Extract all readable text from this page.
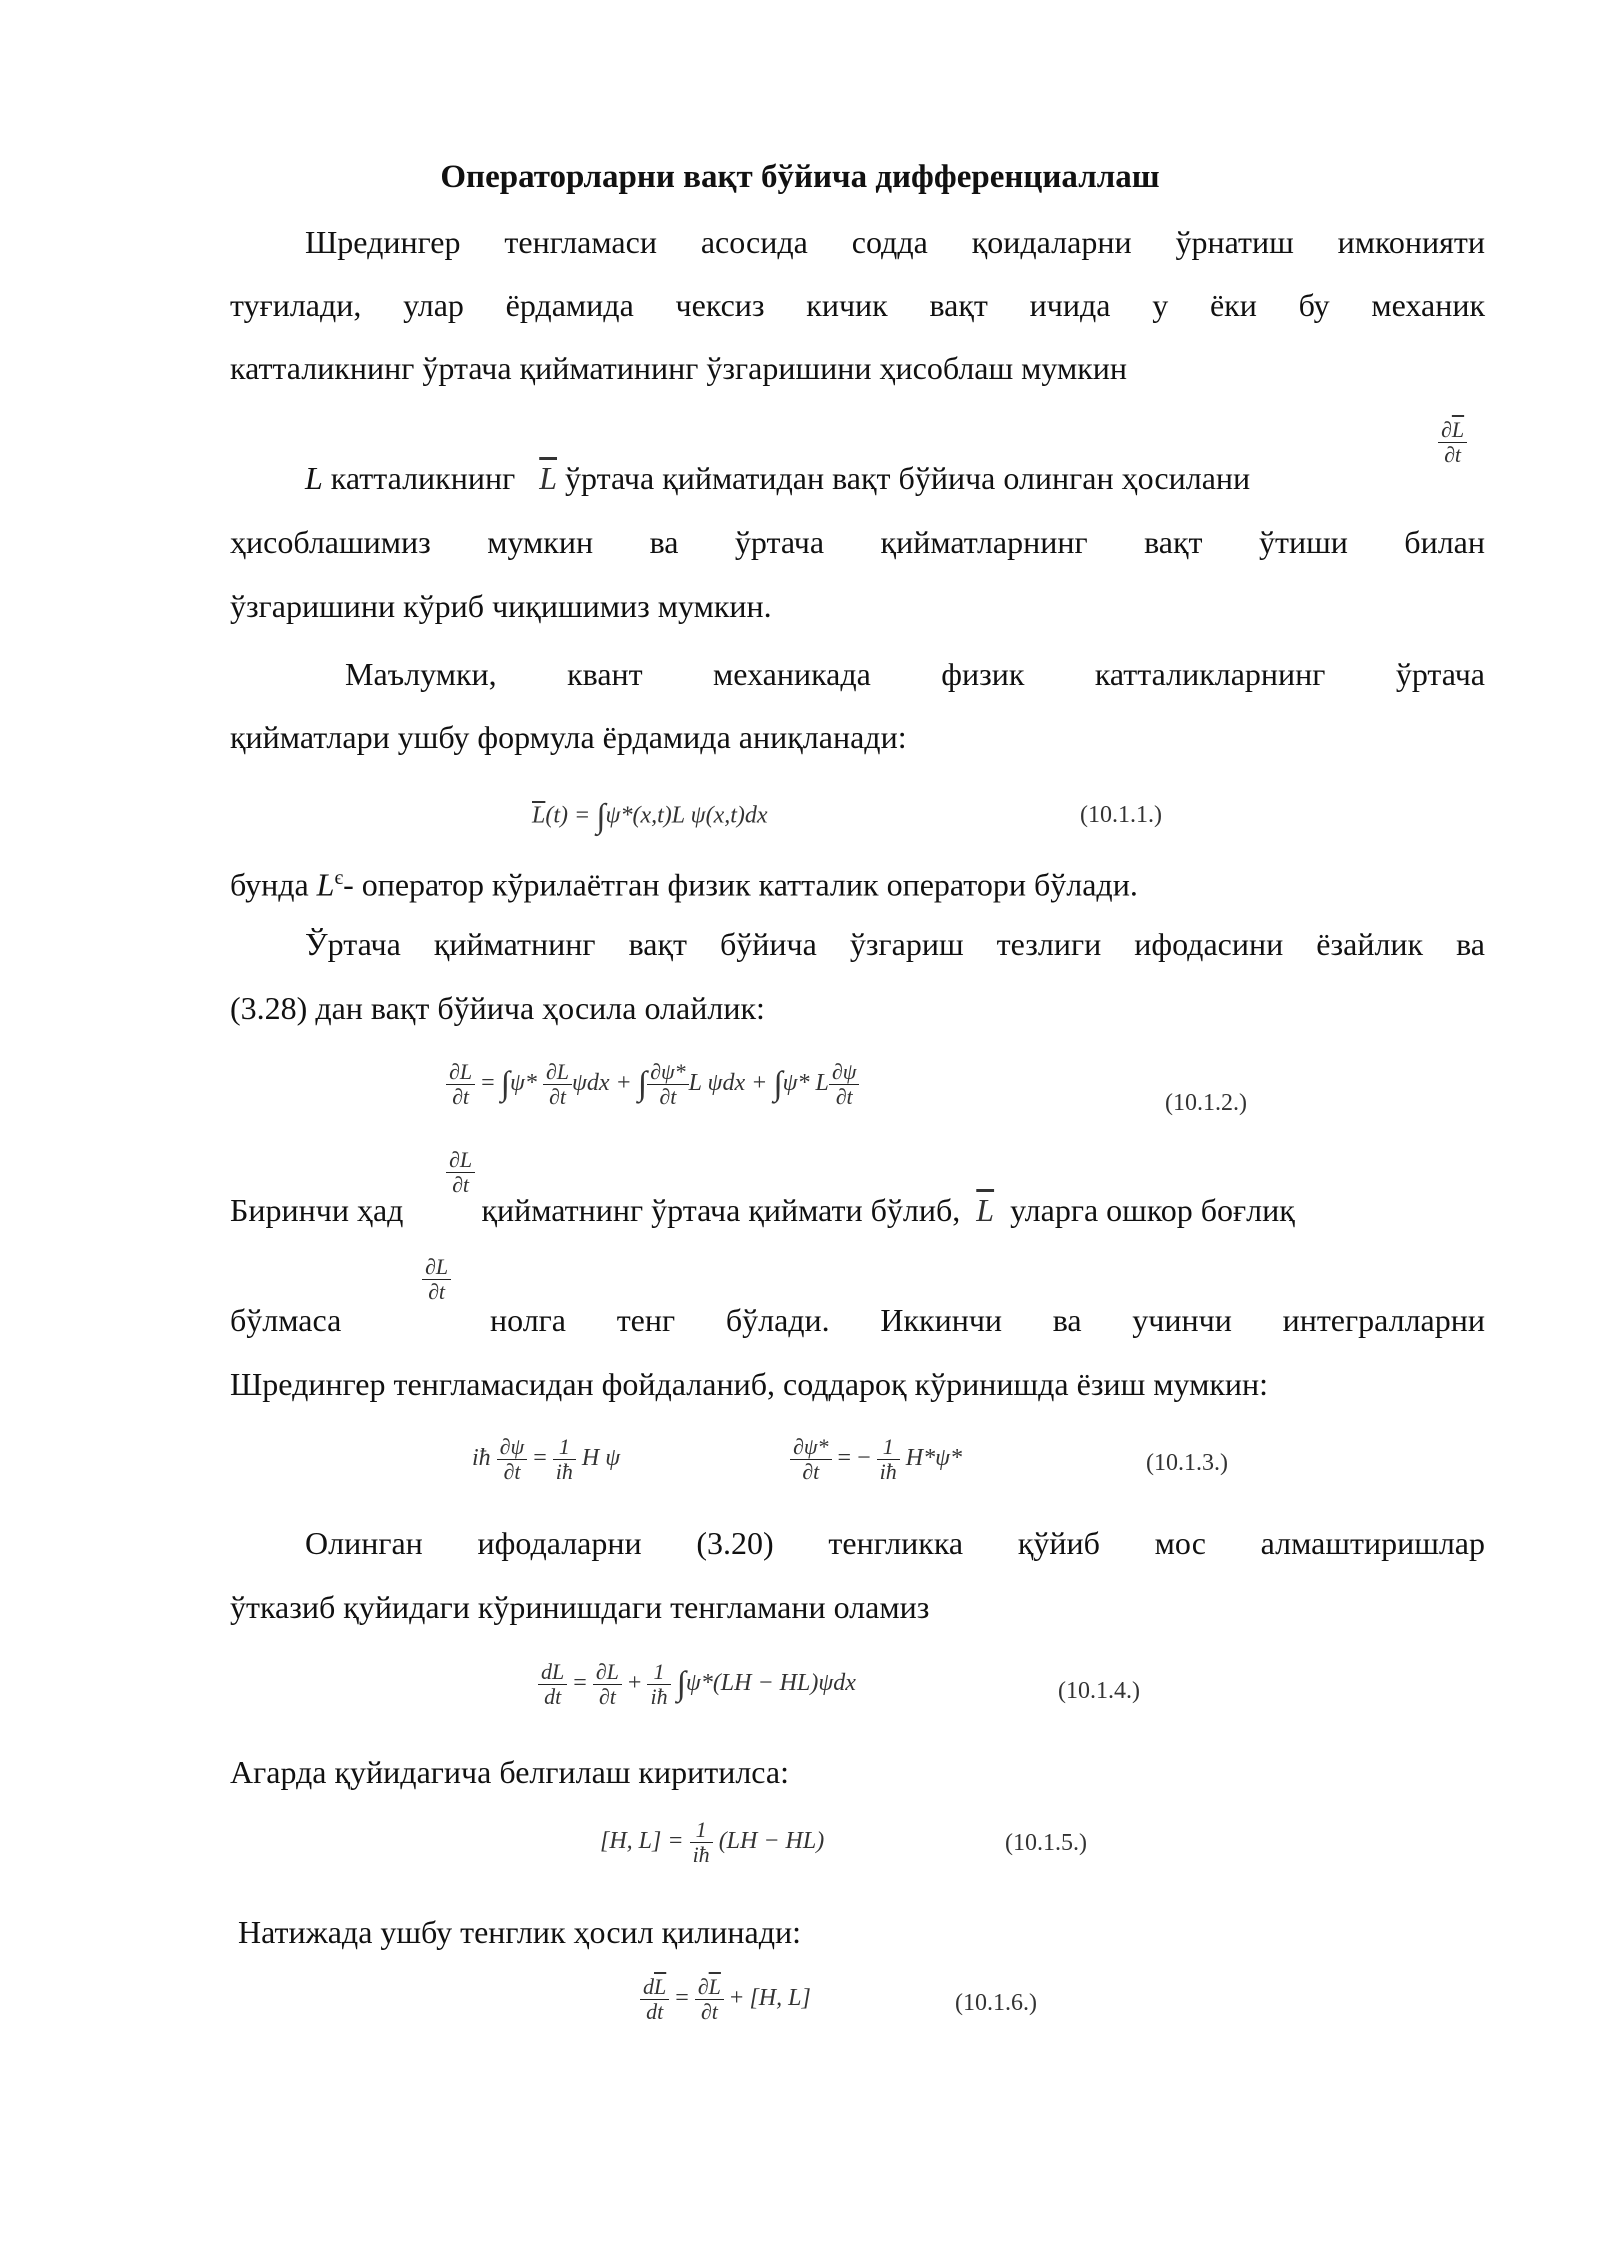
Операторларни вақт бўйича дифференциаллаш
Шредингер тенгламаси асосида содда қоидаларни ўрнатиш имконияти
туғилади, улар ёрдамида чексиз кичик вақт ичида у ёки бу механик
катталикнинг ўртача қийматининг ўзгаришини ҳисоблаш мумкин
L катталикнинг $\overline{L}$ ўртача қийматидан вақт бўйича олинган ҳосилани
$\frac{\partial\overline{L}}{\partial t}$
ҳисоблашимиз мумкин ва ўртача қийматларнинг вақт ўтиши билан
ўзгаришини кўриб чиқишимиз мумкин.
Маълумки, квант механикада физик катталикларнинг ўртача
қийматлари ушбу формула ёрдамида аниқланади:
$\overline{L}(t) = \int\psi*(x,t)L$ ψ(x,t)dx	(10.1.1.)
бунда $L^є-$ оператор кўрилаётган физик катталик оператори бўлади.
Ўртача қийматнинг вақт бўйича ўзгариш тезлиги ифодасини ёзайлик ва
(3.28) дан вақт бўйича ҳосила олайлик:
$\frac{\partial L}{\partial t} = \int\psi* \frac{\partial L}{\partial t}$ ψdx + ∫ $\frac{\partial\psi*}{\partial t}$ L ψdx + ∫ψ* L $\frac{\partial\psi}{\partial t}$	(10.1.2.)
$\frac{\partial L}{\partial t}$
Биринчи ҳад қийматнинг ўртача қиймати бўлиб, $\overline{L}$ уларга ошкор боғлиқ
$\frac{\partial L}{\partial t}$
бўлмаса	нолга тенг бўлади. Иккинчи ва учинчи интегралларни
Шредингер тенгламасидан фойдаланиб, соддароқ кўринишда ёзиш мумкин:
iħ $\frac{\partial\psi}{\partial t} = \frac{1}{iħ}$ H ψ	$\frac{\partial\psi*}{\partial t}$ = − $\frac{1}{iħ} H*\psi*$	(10.1.3.)
Олинган ифодаларни (3.20) тенгликка қўйиб мос алмаштиришлар
ўтказиб қуйидаги кўринишдаги тенгламани оламиз
$\frac{dL}{dt} = \frac{\partial L}{\partial t} + \frac{1}{iħ} \int\psi*(LH - HL)\psi dx$	(10.1.4.)
Агарда қуйидагича белгилаш киритилса:
[H, $L] = \frac{1}{iħ} (LH - HL)$	(10.1.5.)
Натижада ушбу тенглик ҳосил қилинади:
$\frac{d\overline{L}}{dt} = \frac{\partial\overline{L}}{\partial t} + [H$, L]	(10.1.6.)
